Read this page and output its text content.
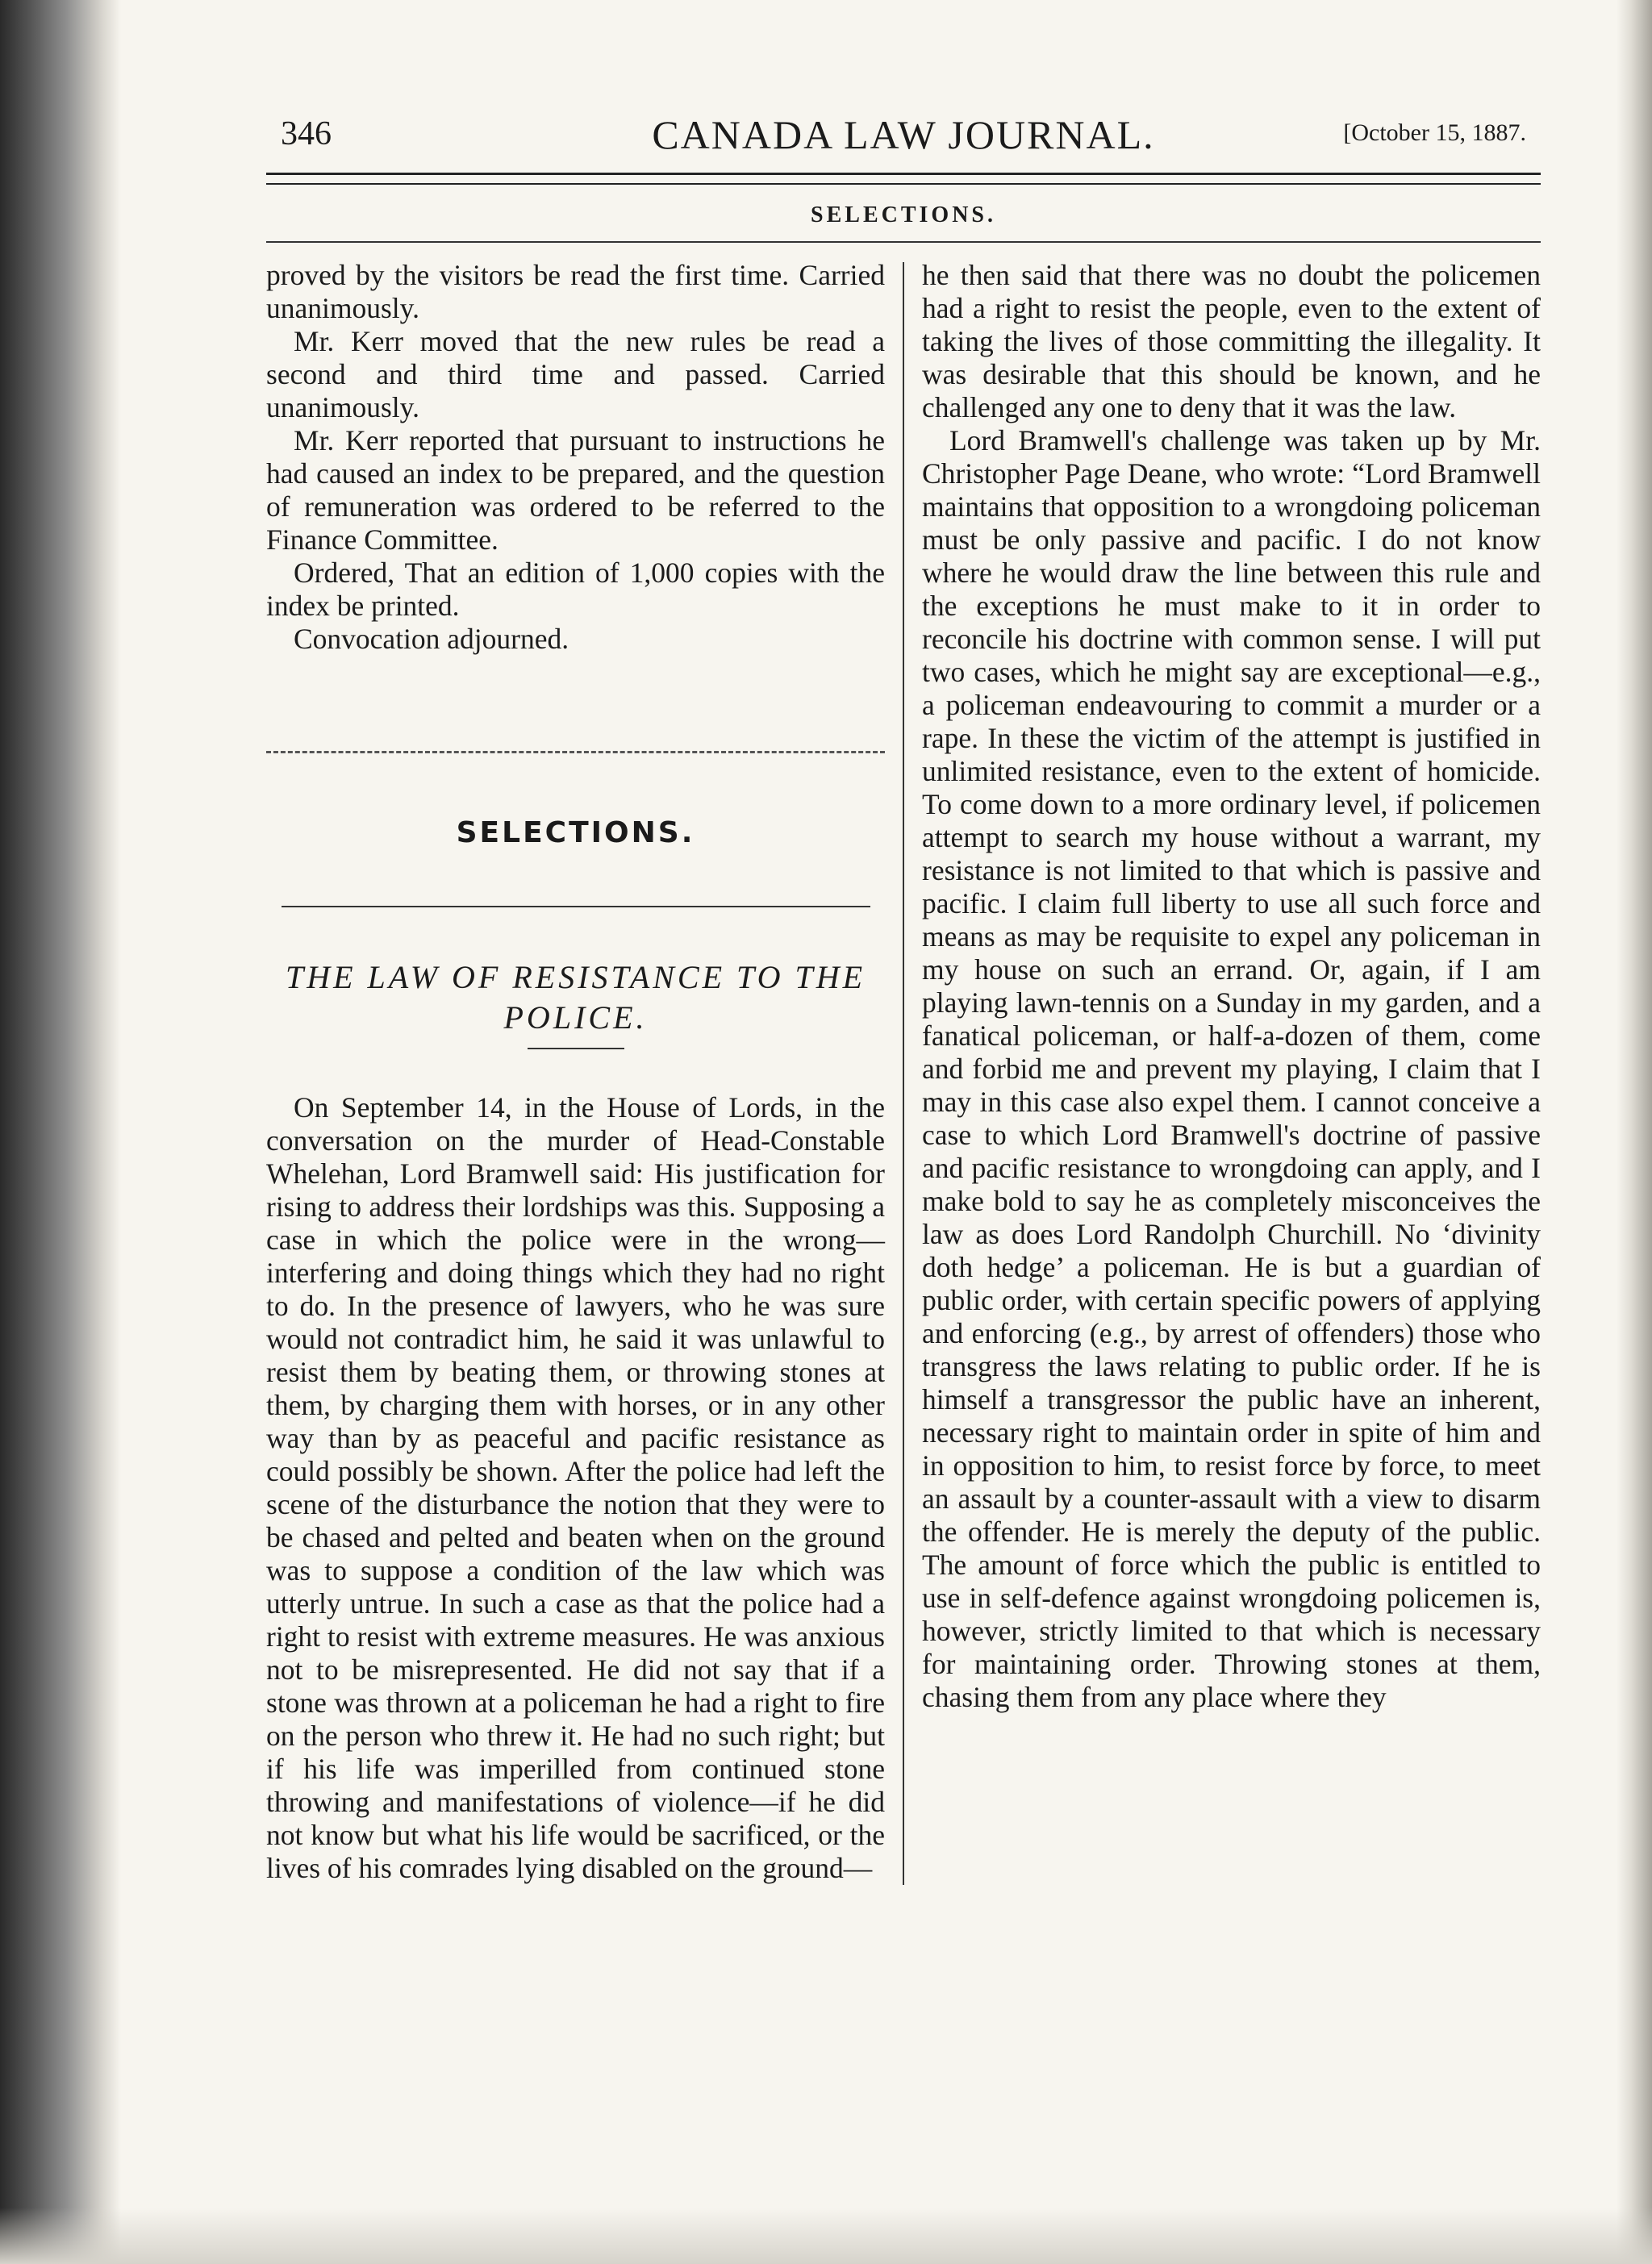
346	CANADA LAW JOURNAL.	[October 15, 1887.
SELECTIONS.

proved by the visitors be read the first time. Carried unanimously.

Mr. Kerr moved that the new rules be read a second and third time and passed. Carried unanimously.

Mr. Kerr reported that pursuant to instructions he had caused an index to be prepared, and the question of remuneration was ordered to be referred to the Finance Committee.

Ordered, That an edition of 1,000 copies with the index be printed.

Convocation adjourned.

SELECTIONS.
THE LAW OF RESISTANCE TO THE POLICE.

On September 14, in the House of Lords, in the conversation on the murder of Head-Constable Whelehan, Lord Bramwell said: His justification for rising to address their lordships was this. Supposing a case in which the police were in the wrong—interfering and doing things which they had no right to do. In the presence of lawyers, who he was sure would not contradict him, he said it was unlawful to resist them by beating them, or throwing stones at them, by charging them with horses, or in any other way than by as peaceful and pacific resistance as could possibly be shown. After the police had left the scene of the disturbance the notion that they were to be chased and pelted and beaten when on the ground was to suppose a condition of the law which was utterly untrue. In such a case as that the police had a right to resist with extreme measures. He was anxious not to be misrepresented. He did not say that if a stone was thrown at a policeman he had a right to fire on the person who threw it. He had no such right; but if his life was imperilled from continued stone throwing and manifestations of violence—if he did not know but what his life would be sacrificed, or the lives of his comrades lying disabled on the ground—

he then said that there was no doubt the policemen had a right to resist the people, even to the extent of taking the lives of those committing the illegality. It was desirable that this should be known, and he challenged any one to deny that it was the law.

Lord Bramwell's challenge was taken up by Mr. Christopher Page Deane, who wrote: “Lord Bramwell maintains that opposition to a wrongdoing policeman must be only passive and pacific. I do not know where he would draw the line between this rule and the exceptions he must make to it in order to reconcile his doctrine with common sense. I will put two cases, which he might say are exceptional—e.g., a policeman endeavouring to commit a murder or a rape. In these the victim of the attempt is justified in unlimited resistance, even to the extent of homicide. To come down to a more ordinary level, if policemen attempt to search my house without a warrant, my resistance is not limited to that which is passive and pacific. I claim full liberty to use all such force and means as may be requisite to expel any policeman in my house on such an errand. Or, again, if I am playing lawn-tennis on a Sunday in my garden, and a fanatical policeman, or half-a-dozen of them, come and forbid me and prevent my playing, I claim that I may in this case also expel them. I cannot conceive a case to which Lord Bramwell's doctrine of passive and pacific resistance to wrongdoing can apply, and I make bold to say he as completely misconceives the law as does Lord Randolph Churchill. No ‘divinity doth hedge’ a policeman. He is but a guardian of public order, with certain specific powers of applying and enforcing (e.g., by arrest of offenders) those who transgress the laws relating to public order. If he is himself a transgressor the public have an inherent, necessary right to maintain order in spite of him and in opposition to him, to resist force by force, to meet an assault by a counter-assault with a view to disarm the offender. He is merely the deputy of the public. The amount of force which the public is entitled to use in self-defence against wrongdoing policemen is, however, strictly limited to that which is necessary for maintaining order. Throwing stones at them, chasing them from any place where they
